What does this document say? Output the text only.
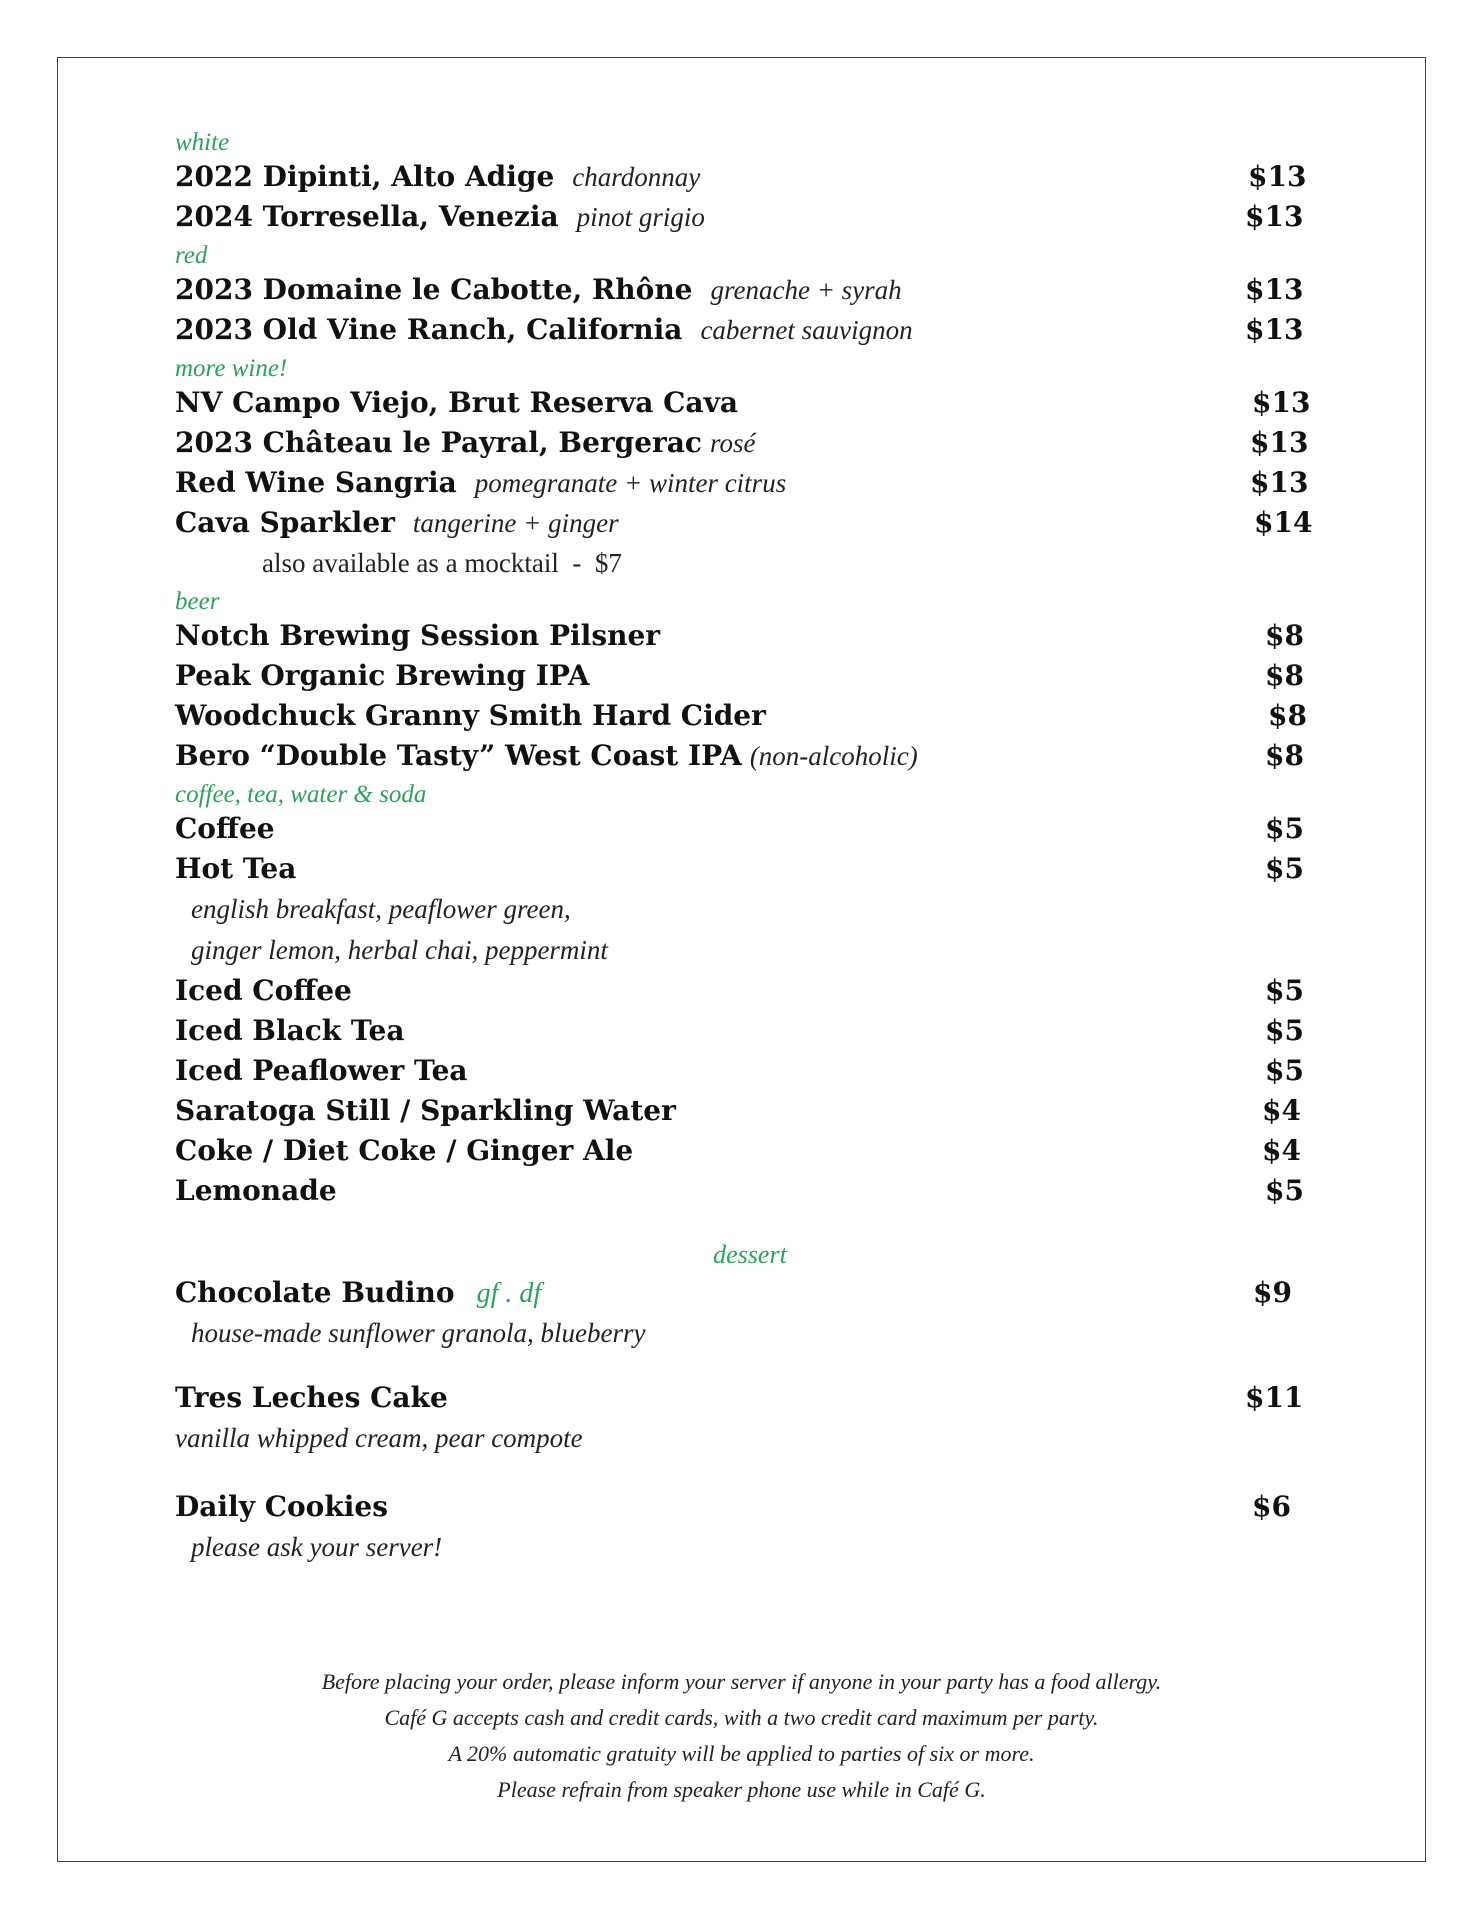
white
2022 Dipinti, Alto Adige chardonnay	$13
2024 Torresella, Venezia pinot grigio	$13
red
2023 Domaine le Cabotte, Rhône grenache + syrah	$13
2023 Old Vine Ranch, California cabernet sauvignon	$13
more wine!
NV Campo Viejo, Brut Reserva Cava	$13
2023 Château le Payral, Bergerac rosé	$13
Red Wine Sangria pomegranate + winter citrus	$13
Cava Sparkler tangerine + ginger	$14
also available as a mocktail  -  $7
beer
Notch Brewing Session Pilsner	$8
Peak Organic Brewing IPA	$8
Woodchuck Granny Smith Hard Cider	$8
Bero “Double Tasty” West Coast IPA (non-alcoholic)	$8
coffee, tea, water & soda
Coffee	$5
Hot Tea	$5
english breakfast, peaflower green,
ginger lemon, herbal chai, peppermint
Iced Coffee	$5
Iced Black Tea	$5
Iced Peaflower Tea	$5
Saratoga Still / Sparkling Water	$4
Coke / Diet Coke / Ginger Ale	$4
Lemonade	$5
dessert
Chocolate Budino gf . df	$9
house-made sunflower granola, blueberry
Tres Leches Cake	$11
vanilla whipped cream, pear compote
Daily Cookies	$6
please ask your server!
Before placing your order, please inform your server if anyone in your party has a food allergy.
Café G accepts cash and credit cards, with a two credit card maximum per party.
A 20% automatic gratuity will be applied to parties of six or more.
Please refrain from speaker phone use while in Café G.
